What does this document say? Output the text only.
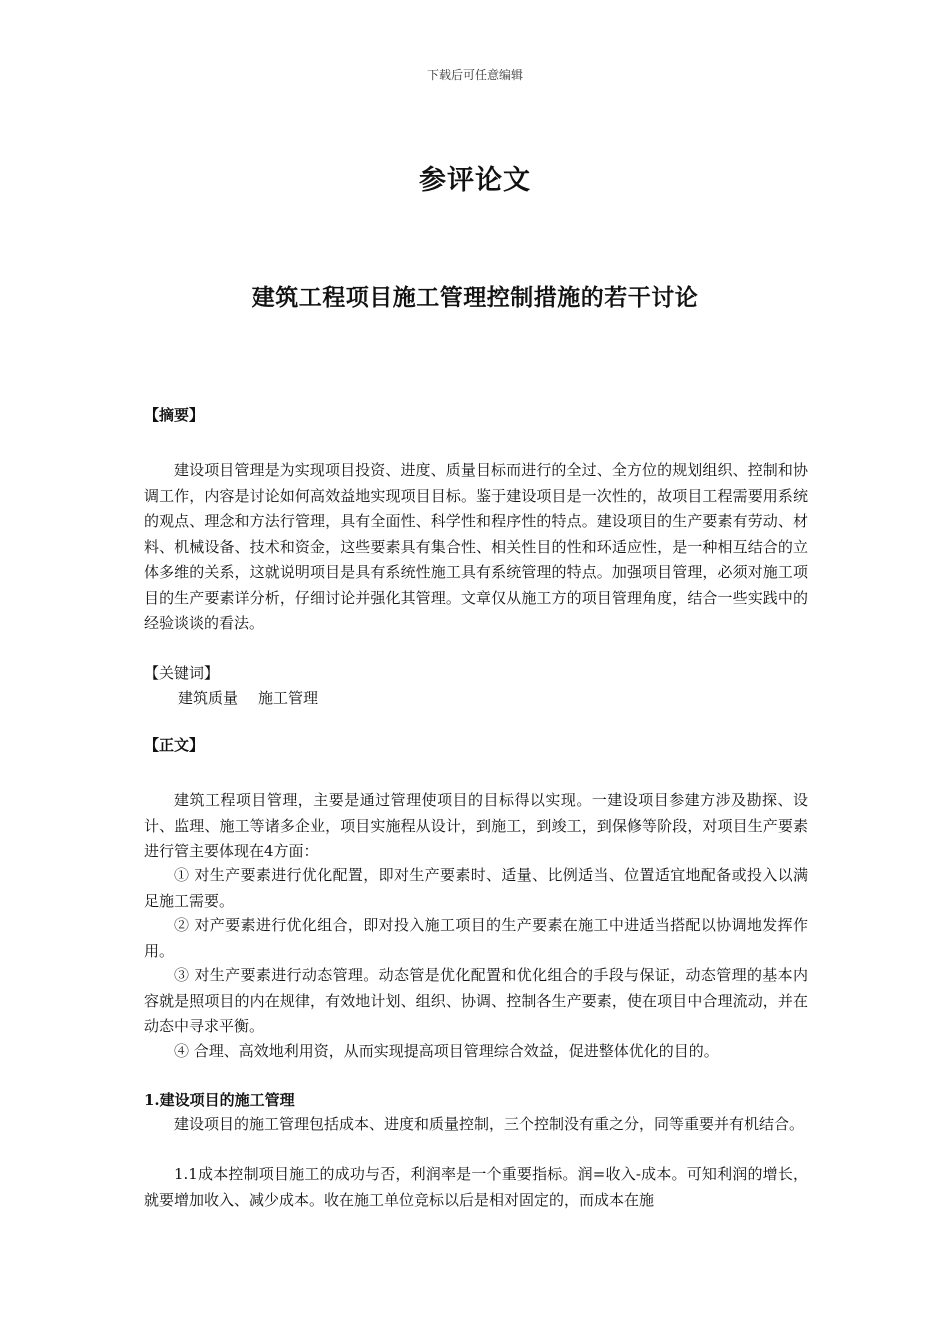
下载后可任意编辑
参评论文
建筑工程项目施工管理控制措施的若干讨论
【摘要】
建设项目管理是为实现项目投资、进度、质量目标而进行的全过、全方位的规划组织、控制和协调工作，内容是讨论如何高效益地实现项目目标。鉴于建设项目是一次性的，故项目工程需要用系统的观点、理念和方法行管理，具有全面性、科学性和程序性的特点。建设项目的生产要素有劳动、材料、机械设备、技术和资金，这些要素具有集合性、相关性目的性和环适应性，是一种相互结合的立体多维的关系，这就说明项目是具有系统性施工具有系统管理的特点。加强项目管理，必须对施工项目的生产要素详分析，仔细讨论并强化其管理。文章仅从施工方的项目管理角度，结合一些实践中的经验谈谈的看法。
【关键词】
建筑质量 施工管理
【正文】
建筑工程项目管理，主要是通过管理使项目的目标得以实现。一建设项目参建方涉及勘探、设计、监理、施工等诸多企业，项目实施程从设计，到施工，到竣工，到保修等阶段，对项目生产要素进行管主要体现在4方面：
① 对生产要素进行优化配置，即对生产要素时、适量、比例适当、位置适宜地配备或投入以满足施工需要。
② 对产要素进行优化组合，即对投入施工项目的生产要素在施工中进适当搭配以协调地发挥作用。
③ 对生产要素进行动态管理。动态管是优化配置和优化组合的手段与保证，动态管理的基本内容就是照项目的内在规律，有效地计划、组织、协调、控制各生产要素，使在项目中合理流动，并在动态中寻求平衡。
④ 合理、高效地利用资，从而实现提高项目管理综合效益，促进整体优化的目的。
1.建设项目的施工管理
建设项目的施工管理包括成本、进度和质量控制，三个控制没有重之分，同等重要并有机结合。
1.1成本控制项目施工的成功与否，利润率是一个重要指标。润=收入-成本。可知利润的增长，就要增加收入、减少成本。收在施工单位竞标以后是相对固定的，而成本在施
